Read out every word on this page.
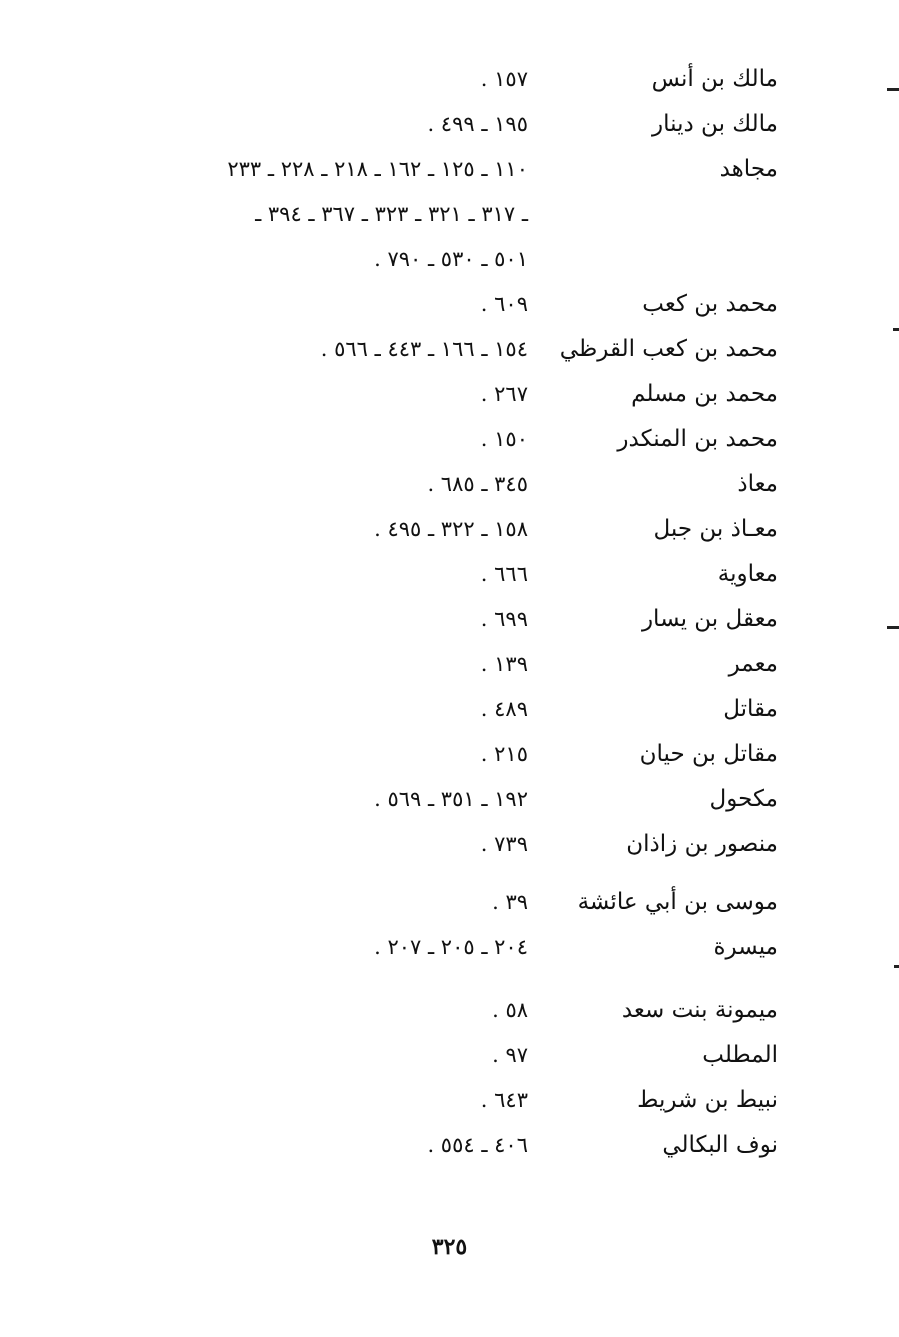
مالك بن أنس
١٥٧ .
مالك بن دينار
١٩٥ ـ ٤٩٩ .
مجاهد
١١٠ ـ ١٢٥ ـ ١٦٢ ـ ٢١٨ ـ ٢٢٨ ـ ٢٣٣
ـ ٣١٧ ـ ٣٢١ ـ ٣٢٣ ـ ٣٦٧ ـ ٣٩٤ ـ
٥٠١ ـ ٥٣٠ ـ ٧٩٠ .
محمد بن كعب
٦٠٩ .
محمد بن كعب القرظي
١٥٤ ـ ١٦٦ ـ ٤٤٣ ـ ٥٦٦ .
محمد بن مسلم
٢٦٧ .
محمد بن المنكدر
١٥٠ .
معاذ
٣٤٥ ـ ٦٨٥ .
معـاذ بن جبل
١٥٨ ـ ٣٢٢ ـ ٤٩٥ .
معاوية
٦٦٦ .
معقل بن يسار
٦٩٩ .
معمر
١٣٩ .
مقاتل
٤٨٩ .
مقاتل بن حيان
٢١٥ .
مكحول
١٩٢ ـ ٣٥١ ـ ٥٦٩ .
منصور بن زاذان
٧٣٩ .
موسى بن أبي عائشة
٣٩ .
ميسرة
٢٠٤ ـ ٢٠٥ ـ ٢٠٧ .
ميمونة بنت سعد
٥٨ .
المطلب
٩٧ .
نبيط بن شريط
٦٤٣ .
نوف البكالي
٤٠٦ ـ ٥٥٤ .
٣٢٥
